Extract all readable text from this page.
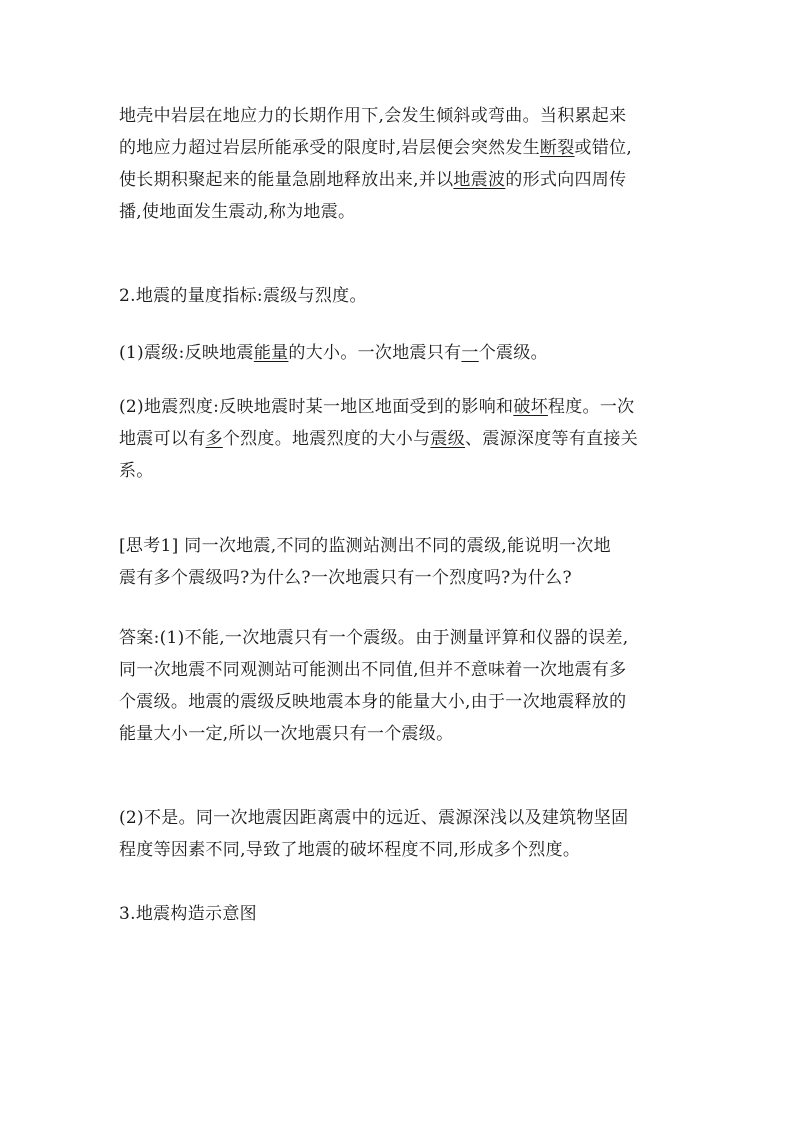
地壳中岩层在地应力的长期作用下,会发生倾斜或弯曲。当积累起来
的地应力超过岩层所能承受的限度时,岩层便会突然发生断裂或错位,
使长期积聚起来的能量急剧地释放出来,并以地震波的形式向四周传
播,使地面发生震动,称为地震。
2.地震的量度指标:震级与烈度。
(1)震级:反映地震能量的大小。一次地震只有一个震级。
(2)地震烈度:反映地震时某一地区地面受到的影响和破坏程度。一次
地震可以有多个烈度。地震烈度的大小与震级、震源深度等有直接关
系。
[思考1] 同一次地震,不同的监测站测出不同的震级,能说明一次地
震有多个震级吗?为什么?一次地震只有一个烈度吗?为什么?
答案:(1)不能,一次地震只有一个震级。由于测量评算和仪器的误差,
同一次地震不同观测站可能测出不同值,但并不意味着一次地震有多
个震级。地震的震级反映地震本身的能量大小,由于一次地震释放的
能量大小一定,所以一次地震只有一个震级。
(2)不是。同一次地震因距离震中的远近、震源深浅以及建筑物坚固
程度等因素不同,导致了地震的破坏程度不同,形成多个烈度。
3.地震构造示意图
